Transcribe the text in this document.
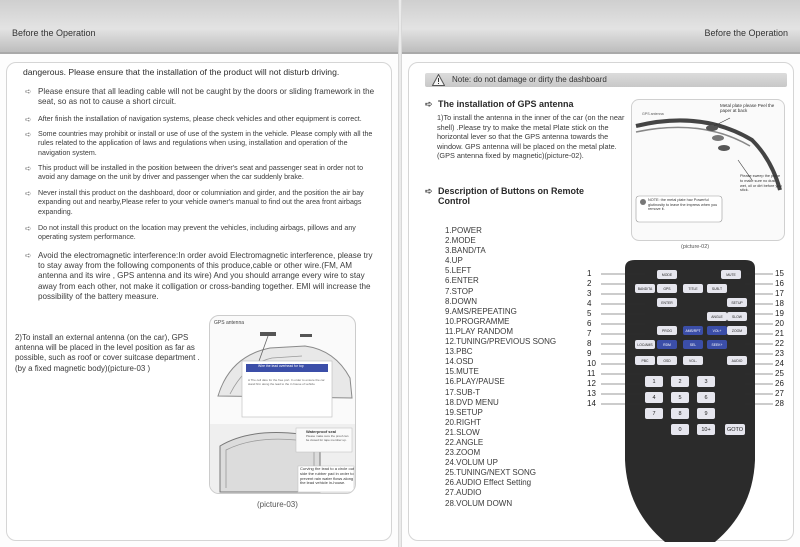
Before the Operation
dangerous. Please ensure that the installation of the product will not disturb driving.
➪ Please ensure that all leading cable will not be caught by the doors or sliding framework in the seat, so as not to cause a short circuit.
➪ After finish the installation of navigation systems, please check vehicles and other equipment is correct.
➪ Some countries may prohibit or install or use of use of the system in the vehicle. Please comply with all the rules related to the application of laws and regulations when using, installation and operation of the navigation system.
➪ This product will be installed in the position between the driver's seat and passenger seat in order not to avoid any damage on the unit by driver and passenger when the car suddenly brake.
➪ Never install this product on the dashboard, door or columniation and girder, and the position the air bay expanding out and nearby,Please refer to your vehicle owner's manual to find out the area front airbags expanding.
➪ Do not install this product on the location may prevent the vehicles, including airbags, pillows and any operating system performance.
➪ Avoid the electromagnetic interference:In order avoid Electromagnetic interference, please try to stay away from the following components of this produce,cable or other wire.(FM, AM antenna and its wire , GPS antenna and its wire) And you should arrange every wire to stay away from each other, not make it colligation or cross-banding together. EMI will increase the possibility of the battery measure.
2)To install an external antenna (on the car), GPS antenna will be placed in the level position as far as possible, such as roof or cover suitcase department . (by a fixed magnetic body)(picture-03 )
GPS antenna
Wire the lead overhead for top
A The cell dare for the free port. In order to ensure the car stand firm along the lead to the in house of vehicle
Waterproof seal
Please make sure the proof can be closed for tape member up.
Curving the lead to a circle out side the rubber pad in order to prevent rain water flows along the lead vehicle in-house.
(picture-03)
Before the Operation
Note: do not damage or dirty the dashboard
➪ The installation of GPS antenna
1)To install the antenna in the inner of the car (on the near shell) .Please try to make the metal Plate stick on the horizontal lever so that the GPS antenna towards the window. GPS antenna will be placed on the metal plate. (GPS antenna fixed by magnetic)(picture-02).
Metal plate please Peel the paper at back
GPS antenna
Please sweep the place to make sure no dust, wet, oil or dirt before you stick.
NOTE: the metal plate hav Powerful glutinosity to leave the impress when you remove it.
(picture-02)
➪ Description of Buttons on Remote
Control
1.POWER
2.MODE
3.BAND/TA
4.UP
5.LEFT
6.ENTER
7.STOP
8.DOWN
9.AMS/REPEATING
10.PROGRAMME
11.PLAY RANDOM
12.TUNING/PREVIOUS SONG
13.PBC
14.OSD
15.MUTE
16.PLAY/PAUSE
17.SUB-T
18.DVD MENU
19.SETUP
20.RIGHT
21.SLOW
22.ANGLE
23.ZOOM
24.VOLUM UP
25.TUNING/NEXT SONG
26.AUDIO Effect Setting
27.AUDIO
28.VOLUM DOWN
MODE	MUTE
BAND/TA	GPS	TITLE	SUB-T
ENTER	SETUP
ANGLE	SLOW
PROG	AMS/RPT	VOL+	ZOOM
LOC/AMS	RDM	SEL	SEEK+
PBC	OSD	VOL-	AUDIO
1	2	3
4	5	6
7	8	9
0	10+	GOTO
1
2
3
4
5
6
7
8
9
10
11
12
13
14
15
16
17
18
19
20
21
22
23
24
25
26
27
28
